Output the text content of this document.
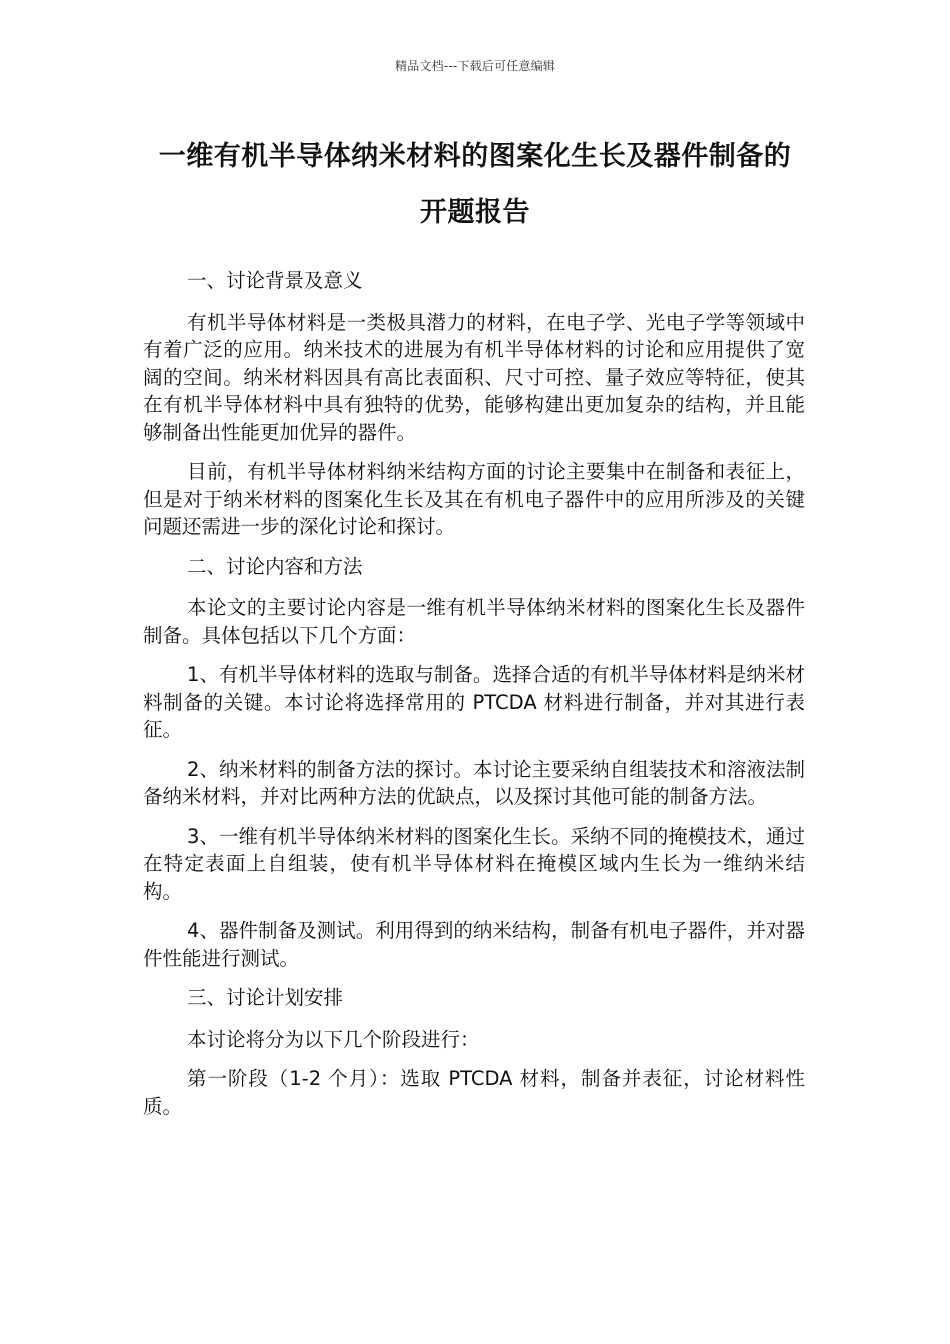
精品文档---下载后可任意编辑
一维有机半导体纳米材料的图案化生长及器件制备的
开题报告

一、讨论背景及意义

有机半导体材料是一类极具潜力的材料，在电子学、光电子学等领域中有着广泛的应用。纳米技术的进展为有机半导体材料的讨论和应用提供了宽阔的空间。纳米材料因具有高比表面积、尺寸可控、量子效应等特征，使其在有机半导体材料中具有独特的优势，能够构建出更加复杂的结构，并且能够制备出性能更加优异的器件。

目前，有机半导体材料纳米结构方面的讨论主要集中在制备和表征上，但是对于纳米材料的图案化生长及其在有机电子器件中的应用所涉及的关键问题还需进一步的深化讨论和探讨。

二、讨论内容和方法

本论文的主要讨论内容是一维有机半导体纳米材料的图案化生长及器件制备。具体包括以下几个方面：

1、有机半导体材料的选取与制备。选择合适的有机半导体材料是纳米材料制备的关键。本讨论将选择常用的 PTCDA 材料进行制备，并对其进行表征。

2、纳米材料的制备方法的探讨。本讨论主要采纳自组装技术和溶液法制备纳米材料，并对比两种方法的优缺点，以及探讨其他可能的制备方法。

3、一维有机半导体纳米材料的图案化生长。采纳不同的掩模技术，通过在特定表面上自组装，使有机半导体材料在掩模区域内生长为一维纳米结构。

4、器件制备及测试。利用得到的纳米结构，制备有机电子器件，并对器件性能进行测试。

三、讨论计划安排

本讨论将分为以下几个阶段进行：

第一阶段（1-2 个月）：选取 PTCDA 材料，制备并表征，讨论材料性质。
